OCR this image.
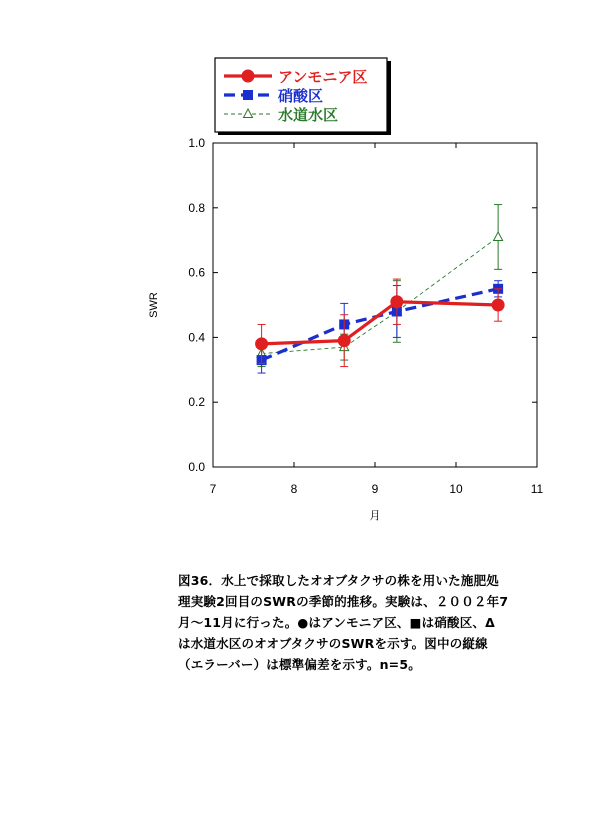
アンモニア区
硝酸区
水道水区
7	8	9	10	11
0.0
0.2
0.4
0.6
0.8
1.0
SWR
月
図36．水上で採取したオオブタクサの株を用いた施肥処
理実験2回目のSWRの季節的推移。実験は、２００２年7
月～11月に行った。●はアンモニア区、■は硝酸区、Δ
は水道水区のオオブタクサのSWRを示す。図中の縦線
（エラーバー）は標準偏差を示す。n=5。
